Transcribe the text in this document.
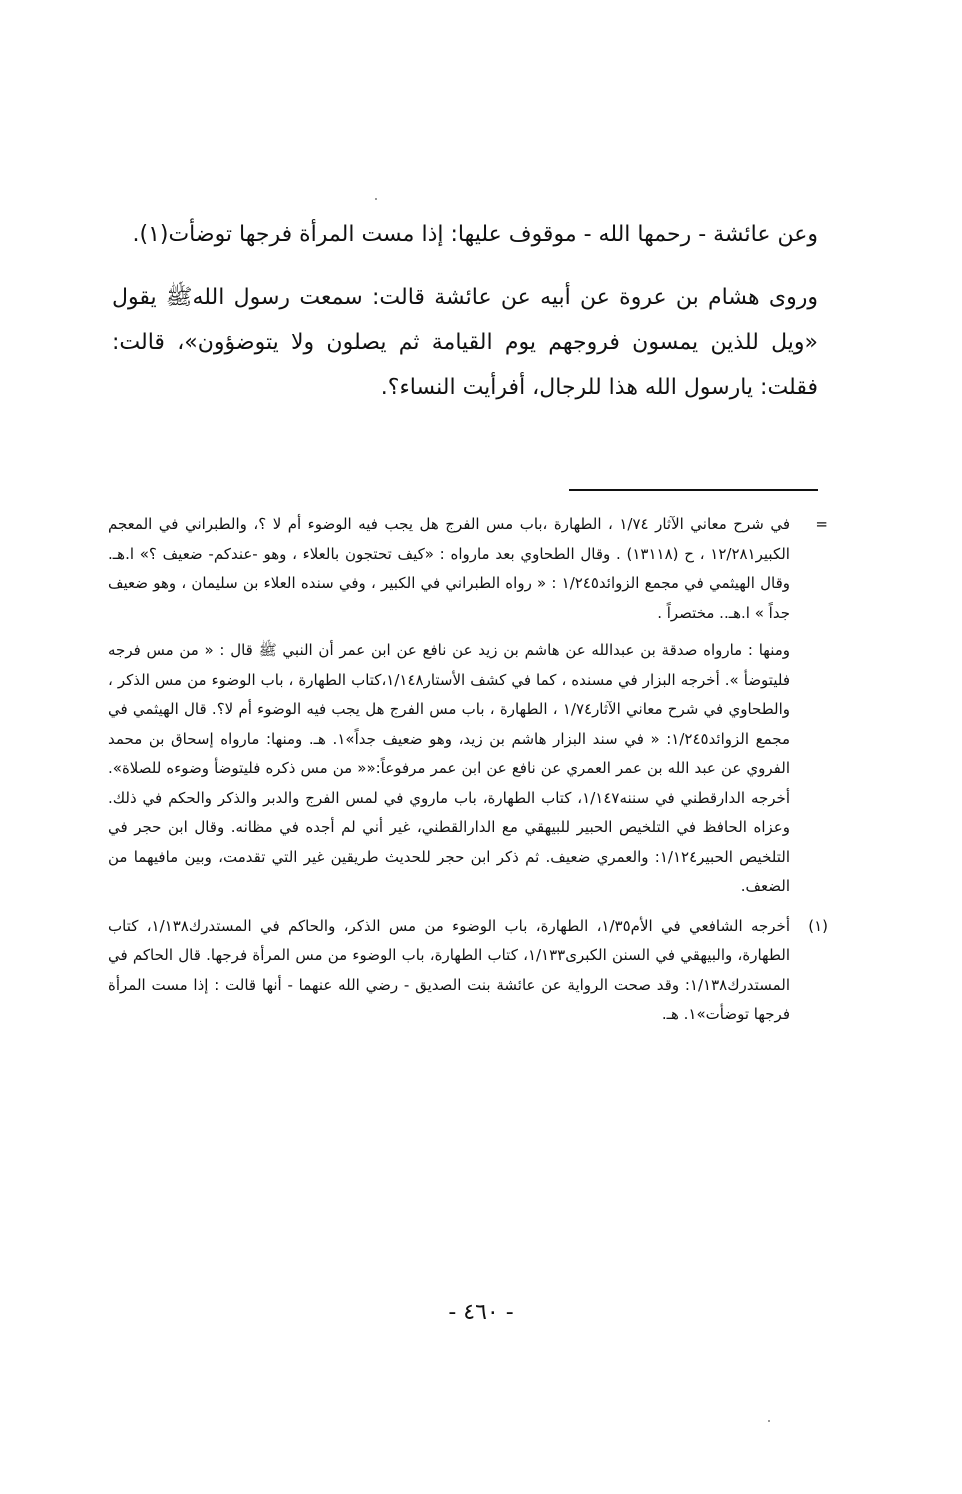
وعن عائشة - رحمها الله - موقوف عليها: إذا مست المرأة فرجها توضأت(١).

وروى هشام بن عروة عن أبيه عن عائشة قالت: سمعت رسول اللهﷺ يقول «ويل للذين يمسون فروجهم يوم القيامة ثم يصلون ولا يتوضؤون»، قالت: فقلت: يارسول الله هذا للرجال، أفرأيت النساء؟.

=

في شرح معاني الآثار ١/٧٤ ، الطهارة ،باب مس الفرج هل يجب فيه الوضوء أم لا ؟، والطبراني في المعجم الكبير١٢/٢٨١ ، ح (١٣١١٨) . وقال الطحاوي بعد مارواه : «كيف تحتجون بالعلاء ، وهو -عندكم- ضعيف ؟» ا.هـ. وقال الهيثمي في مجمع الزوائد١/٢٤٥ : « رواه الطبراني في الكبير ، وفي سنده العلاء بن سليمان ، وهو ضعيف جداً » ا.هـ.. مختصراً .

ومنها : ماروا‌ه صدقة بن عبدالله عن هاشم بن زيد عن نافع عن ابن عمر أن النبي ﷺ قال : « من مس فرجه فليتوضأ ». أخرجه البزار في مسنده ، كما في كشف الأستار١/١٤٨،كتاب الطهارة ، باب الوضوء من مس الذكر ، والطحاوي في شرح معاني الآثار١/٧٤ ، الطهارة ، باب مس الفرج هل يجب فيه الوضوء أم لا؟. قال الهيثمي في مجمع الزوائد١/٢٤٥: « في سند البزار هاشم بن زيد، وهو ضعيف جداً»١. هـ. ومنها: ماروا‌ه إسحاق بن محمد الفروي عن عبد الله بن عمر العمري عن نافع عن ابن عمر مرفوعاً:«« من مس ذكره فليتوضأ وضوءه للصلاة». أخرجه الدارقطني في سننه١/١٤٧، كتاب الطهارة، باب ماروي في لمس الفرج والدبر والذكر والحكم في ذلك. وعزاه الحافظ في التلخيص الحبير للبيهقي مع الدارالقطني، غير أني لم أجده في مظانه. وقال ابن حجر في التلخيص الحبير١/١٢٤: والعمري ضعيف. ثم ذكر ابن حجر للحديث طريقين غير التي تقدمت، وبين مافيهما من الضعف.

(١)

أخرجه الشافعي في الأم١/٣٥، الطهارة، باب الوضوء من مس الذكر، والحاكم في المستدرك١/١٣٨، كتاب الطهارة، والبيهقي في السنن الكبرى١/١٣٣، كتاب الطهارة، باب الوضوء من مس المرأة فرجها. قال الحاكم في المستدرك١/١٣٨: وقد صحت الرواية عن عائشة بنت الصديق - رضي الله عنهما - أنها قالت : إذا مست المرأة فرجها توضأت»١. هـ.

- ٤٦٠ -
